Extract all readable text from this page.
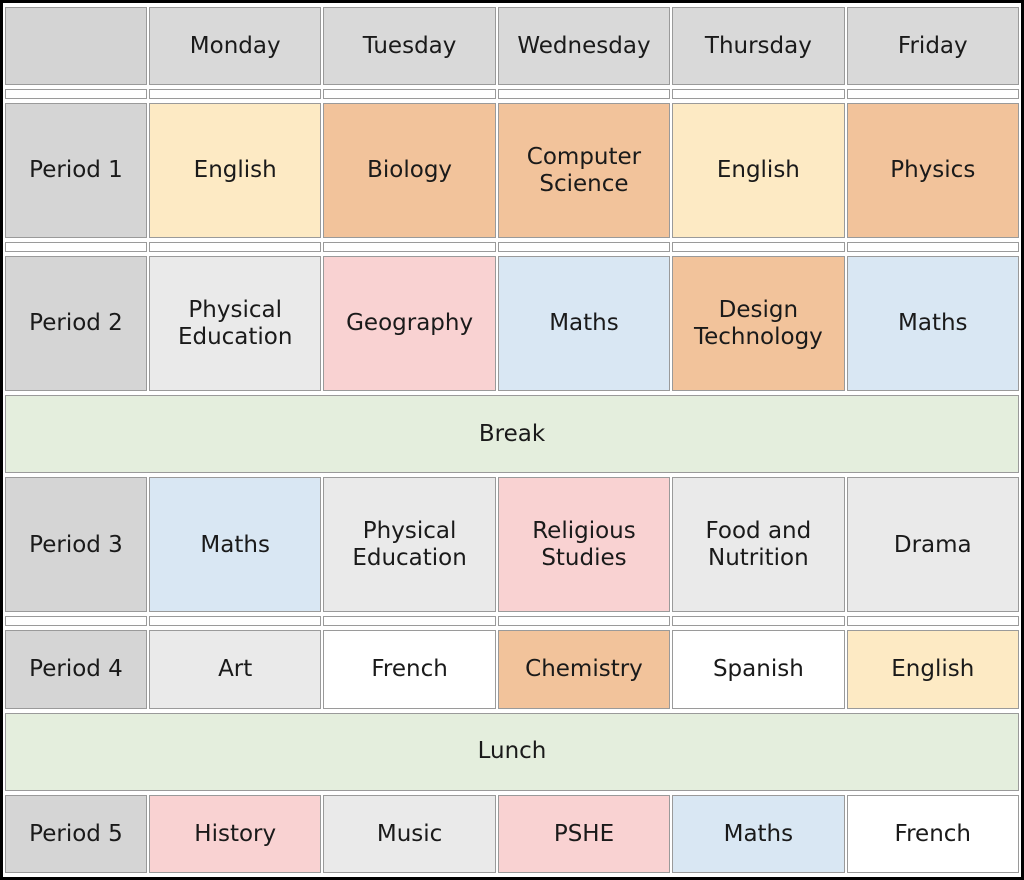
	Monday	Tuesday	Wednesday	Thursday	Friday

Period 1	English	Biology	Computer Science	English	Physics

Period 2	Physical Education	Geography	Maths	Design Technology	Maths
Break					
Period 3	Maths	Physical Education	Religious Studies	Food and Nutrition	Drama

Period 4	Art	French	Chemistry	Spanish	English
Lunch					
Period 5	History	Music	PSHE	Maths	French
